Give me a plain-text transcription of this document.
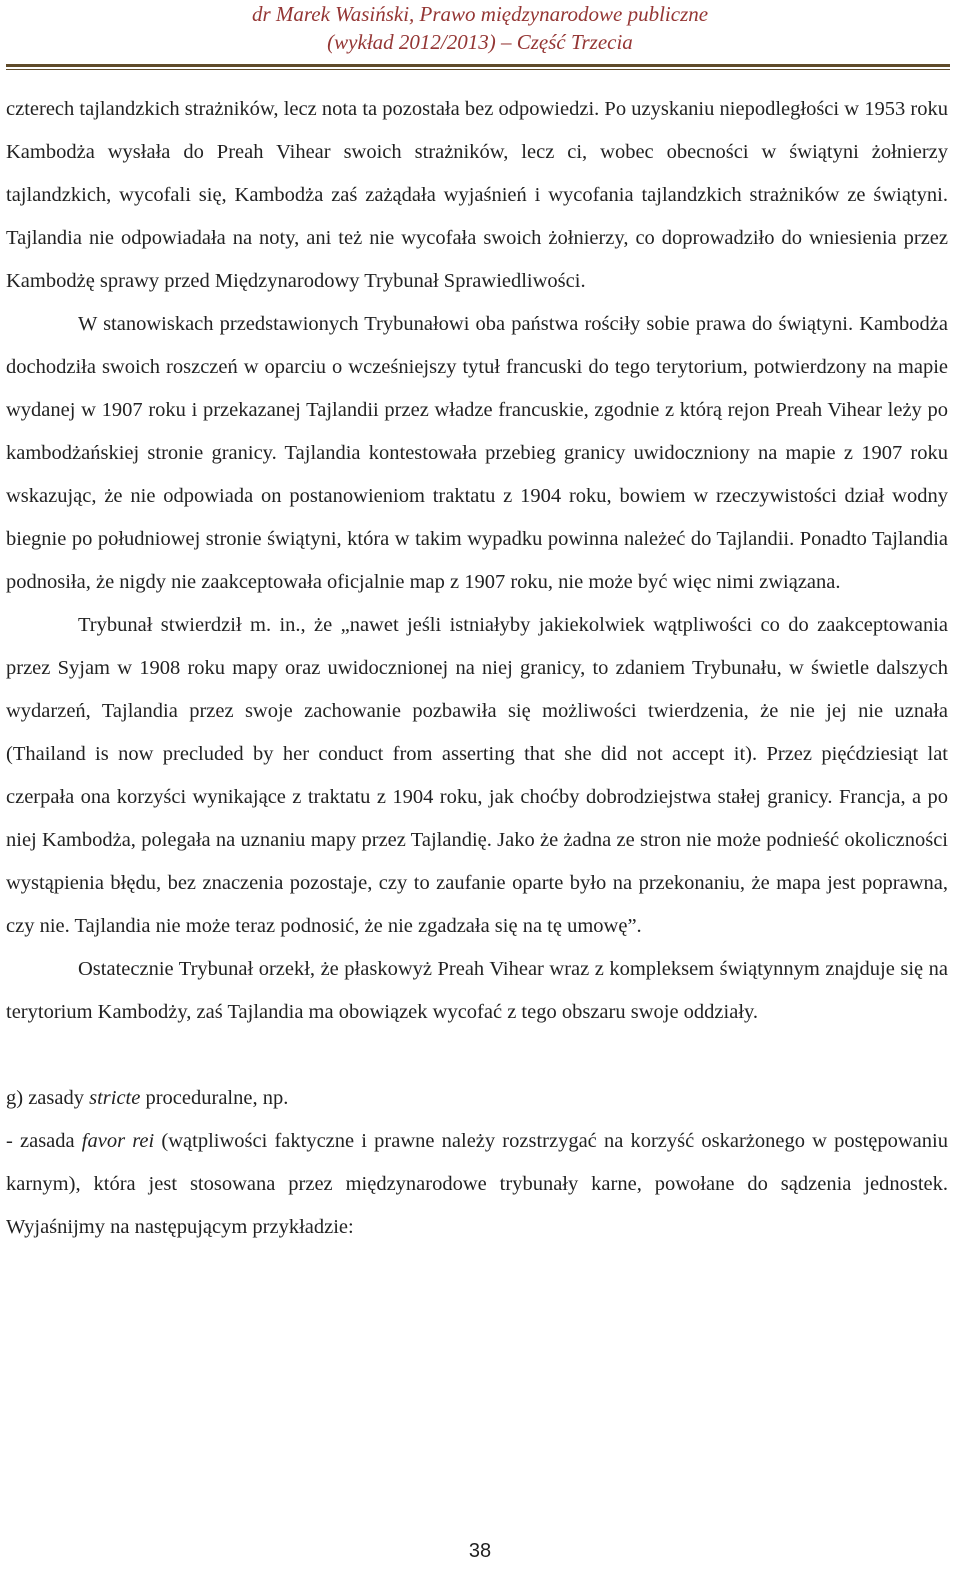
dr Marek Wasiński, Prawo międzynarodowe publiczne
(wykład 2012/2013) – Część Trzecia

czterech tajlandzkich strażników, lecz nota ta pozostała bez odpowiedzi. Po uzyskaniu niepodległości w 1953 roku Kambodża wysłała do Preah Vihear swoich strażników, lecz ci, wobec obecności w świątyni żołnierzy tajlandzkich, wycofali się, Kambodża zaś zażądała wyjaśnień i wycofania tajlandzkich strażników ze świątyni. Tajlandia nie odpowiadała na noty, ani też nie wycofała swoich żołnierzy, co doprowadziło do wniesienia przez Kambodżę sprawy przed Międzynarodowy Trybunał Sprawiedliwości.

W stanowiskach przedstawionych Trybunałowi oba państwa rościły sobie prawa do świątyni. Kambodża dochodziła swoich roszczeń w oparciu o wcześniejszy tytuł francuski do tego terytorium, potwierdzony na mapie wydanej w 1907 roku i przekazanej Tajlandii przez władze francuskie, zgodnie z którą rejon Preah Vihear leży po kambodżańskiej stronie granicy. Tajlandia kontestowała przebieg granicy uwidoczniony na mapie z 1907 roku wskazując, że nie odpowiada on postanowieniom traktatu z 1904 roku, bowiem w rzeczywistości dział wodny biegnie po południowej stronie świątyni, która w takim wypadku powinna należeć do Tajlandii. Ponadto Tajlandia podnosiła, że nigdy nie zaakceptowała oficjalnie map z 1907 roku, nie może być więc nimi związana.

Trybunał stwierdził m. in., że „nawet jeśli istniałyby jakiekolwiek wątpliwości co do zaakceptowania przez Syjam w 1908 roku mapy oraz uwidocznionej na niej granicy, to zdaniem Trybunału, w świetle dalszych wydarzeń, Tajlandia przez swoje zachowanie pozbawiła się możliwości twierdzenia, że nie jej nie uznała (Thailand is now precluded by her conduct from asserting that she did not accept it). Przez pięćdziesiąt lat czerpała ona korzyści wynikające z traktatu z 1904 roku, jak choćby dobrodziejstwa stałej granicy. Francja, a po niej Kambodża, polegała na uznaniu mapy przez Tajlandię. Jako że żadna ze stron nie może podnieść okoliczności wystąpienia błędu, bez znaczenia pozostaje, czy to zaufanie oparte było na przekonaniu, że mapa jest poprawna, czy nie. Tajlandia nie może teraz podnosić, że nie zgadzała się na tę umowę”.

Ostatecznie Trybunał orzekł, że płaskowyż Preah Vihear wraz z kompleksem świątynnym znajduje się na terytorium Kambodży, zaś Tajlandia ma obowiązek wycofać z tego obszaru swoje oddziały.

g) zasady stricte proceduralne, np.

- zasada favor rei (wątpliwości faktyczne i prawne należy rozstrzygać na korzyść oskarżonego w postępowaniu karnym), która jest stosowana przez międzynarodowe trybunały karne, powołane do sądzenia jednostek. Wyjaśnijmy na następującym przykładzie:

38
